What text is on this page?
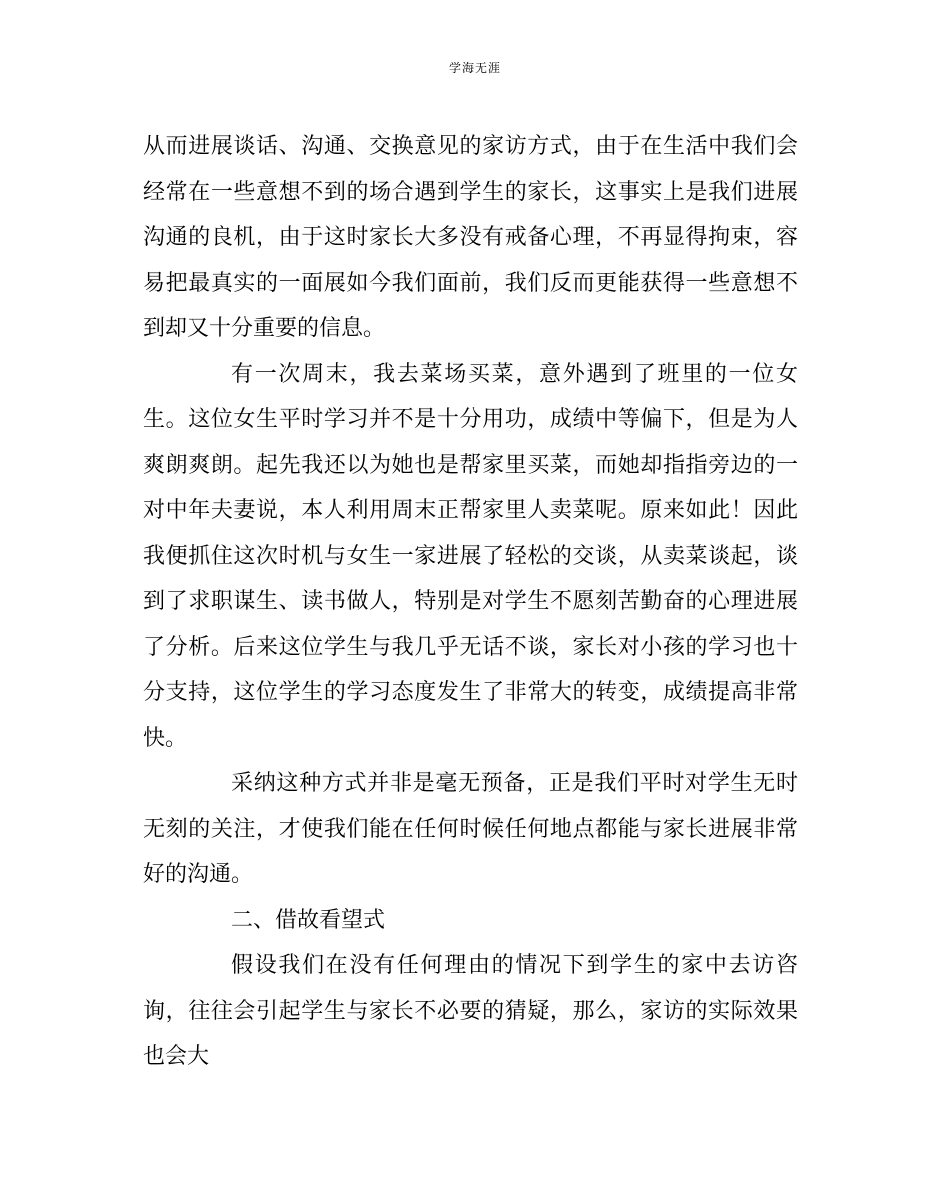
学海无涯

从而进展谈话、沟通、交换意见的家访方式，由于在生活中我们会经常在一些意想不到的场合遇到学生的家长，这事实上是我们进展沟通的良机，由于这时家长大多没有戒备心理，不再显得拘束，容易把最真实的一面展如今我们面前，我们反而更能获得一些意想不到却又十分重要的信息。

有一次周末，我去菜场买菜，意外遇到了班里的一位女生。这位女生平时学习并不是十分用功，成绩中等偏下，但是为人爽朗爽朗。起先我还以为她也是帮家里买菜，而她却指指旁边的一对中年夫妻说，本人利用周末正帮家里人卖菜呢。原来如此！因此我便抓住这次时机与女生一家进展了轻松的交谈，从卖菜谈起，谈到了求职谋生、读书做人，特别是对学生不愿刻苦勤奋的心理进展了分析。后来这位学生与我几乎无话不谈，家长对小孩的学习也十分支持，这位学生的学习态度发生了非常大的转变，成绩提高非常快。

采纳这种方式并非是毫无预备，正是我们平时对学生无时无刻的关注，才使我们能在任何时候任何地点都能与家长进展非常好的沟通。

二、借故看望式

假设我们在没有任何理由的情况下到学生的家中去访咨询，往往会引起学生与家长不必要的猜疑，那么，家访的实际效果也会大
